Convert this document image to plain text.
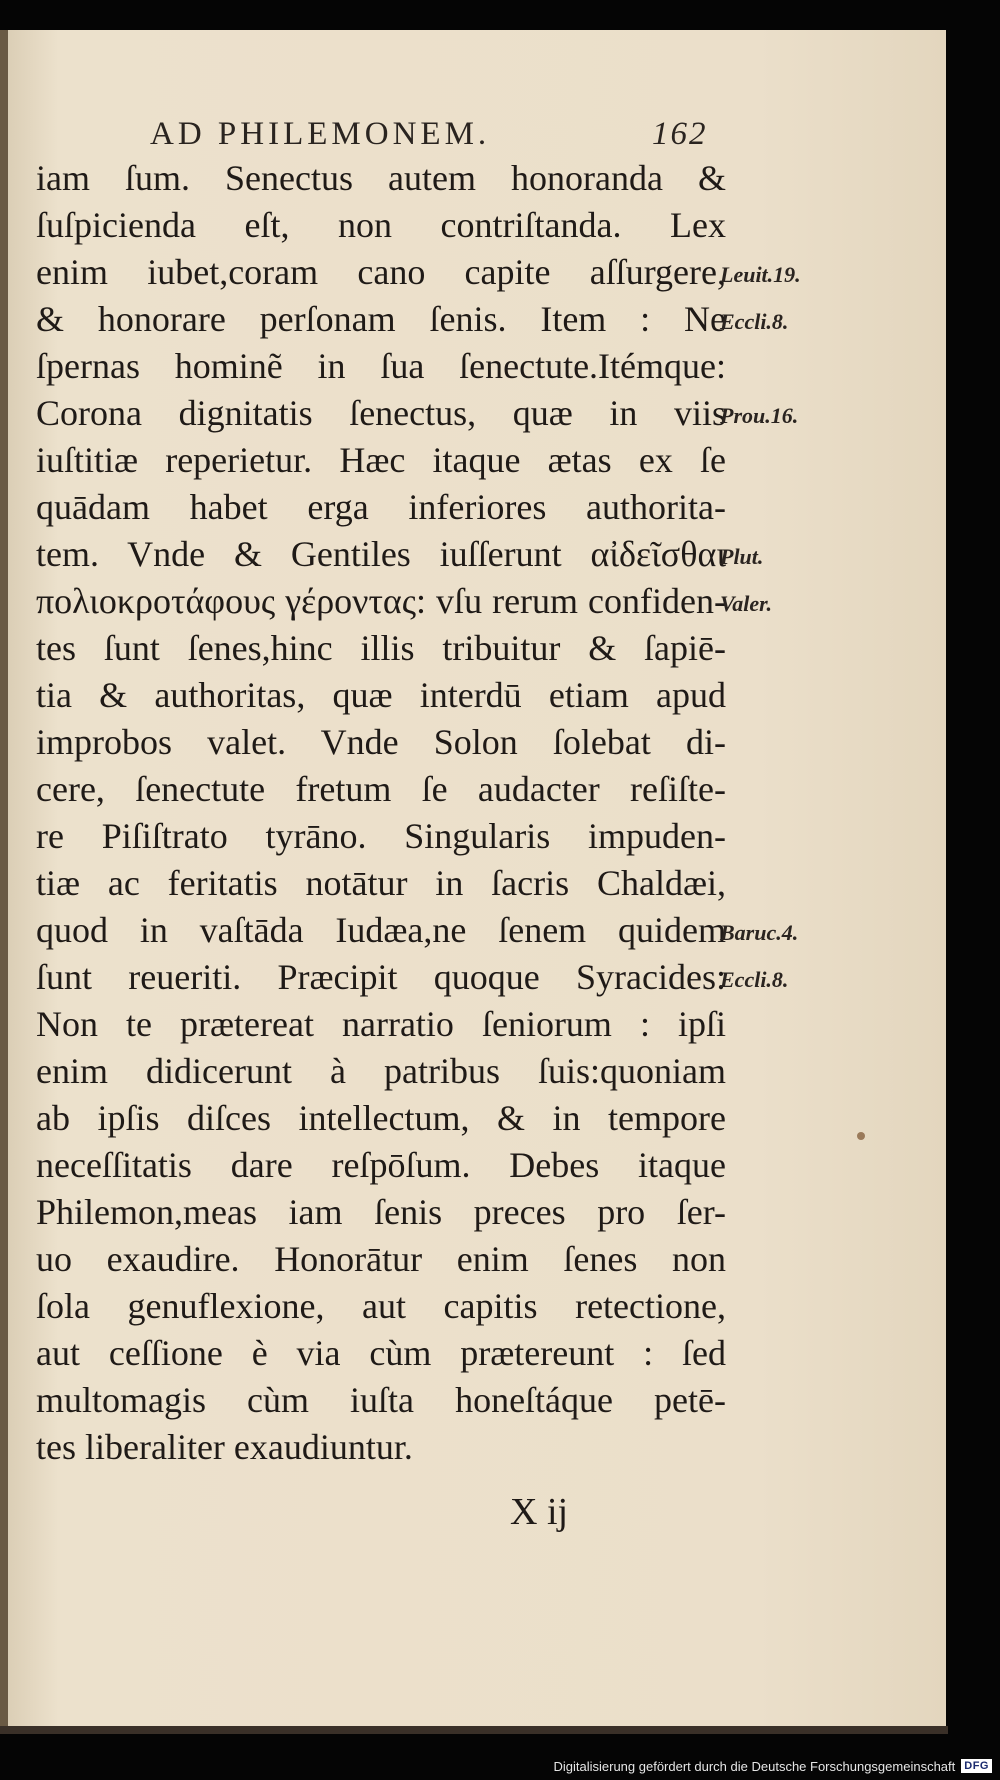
AD PHILEMONEM.	162
iam ſum. Senectus autem honoranda &
ſuſpicienda eſt, non contriſtanda. Lex
enim iubet,coram cano capite aſſurgere,
& honorare perſonam ſenis. Item : Ne
ſpernas hominẽ in ſua ſenectute.Itémque:
Corona dignitatis ſenectus, quæ in viis
iuſtitiæ reperietur. Hæc itaque ætas ex ſe
quādam habet erga inferiores authorita-
tem. Vnde & Gentiles iuſſerunt αἰδεῖσθαι
πολιοκροτάφους γέροντας: vſu rerum confiden-
tes ſunt ſenes,hinc illis tribuitur & ſapiē-
tia & authoritas, quæ interdū etiam apud
improbos valet. Vnde Solon ſolebat di-
cere, ſenectute fretum ſe audacter reſiſte-
re Piſiſtrato tyrāno. Singularis impuden-
tiæ ac feritatis notātur in ſacris Chaldæi,
quod in vaſtāda Iudæa,ne ſenem quidem
ſunt reueriti. Præcipit quoque Syracides:
Non te prætereat narratio ſeniorum : ipſi
enim didicerunt à patribus ſuis:quoniam
ab ipſis diſces intellectum, & in tempore
neceſſitatis dare reſpōſum. Debes itaque
Philemon,meas iam ſenis preces pro ſer-
uo exaudire. Honorātur enim ſenes non
ſola genuflexione, aut capitis retectione,
aut ceſſione è via cùm prætereunt : ſed
multomagis cùm iuſta honeſtáque petē-
tes liberaliter exaudiuntur.
Leuit.19.
Eccli.8.
Prou.16.
Plut.
Valer.
Baruc.4.
Eccli.8.
X ij
Digitalisierung gefördert durch die Deutsche Forschungsgemeinschaft DFG
